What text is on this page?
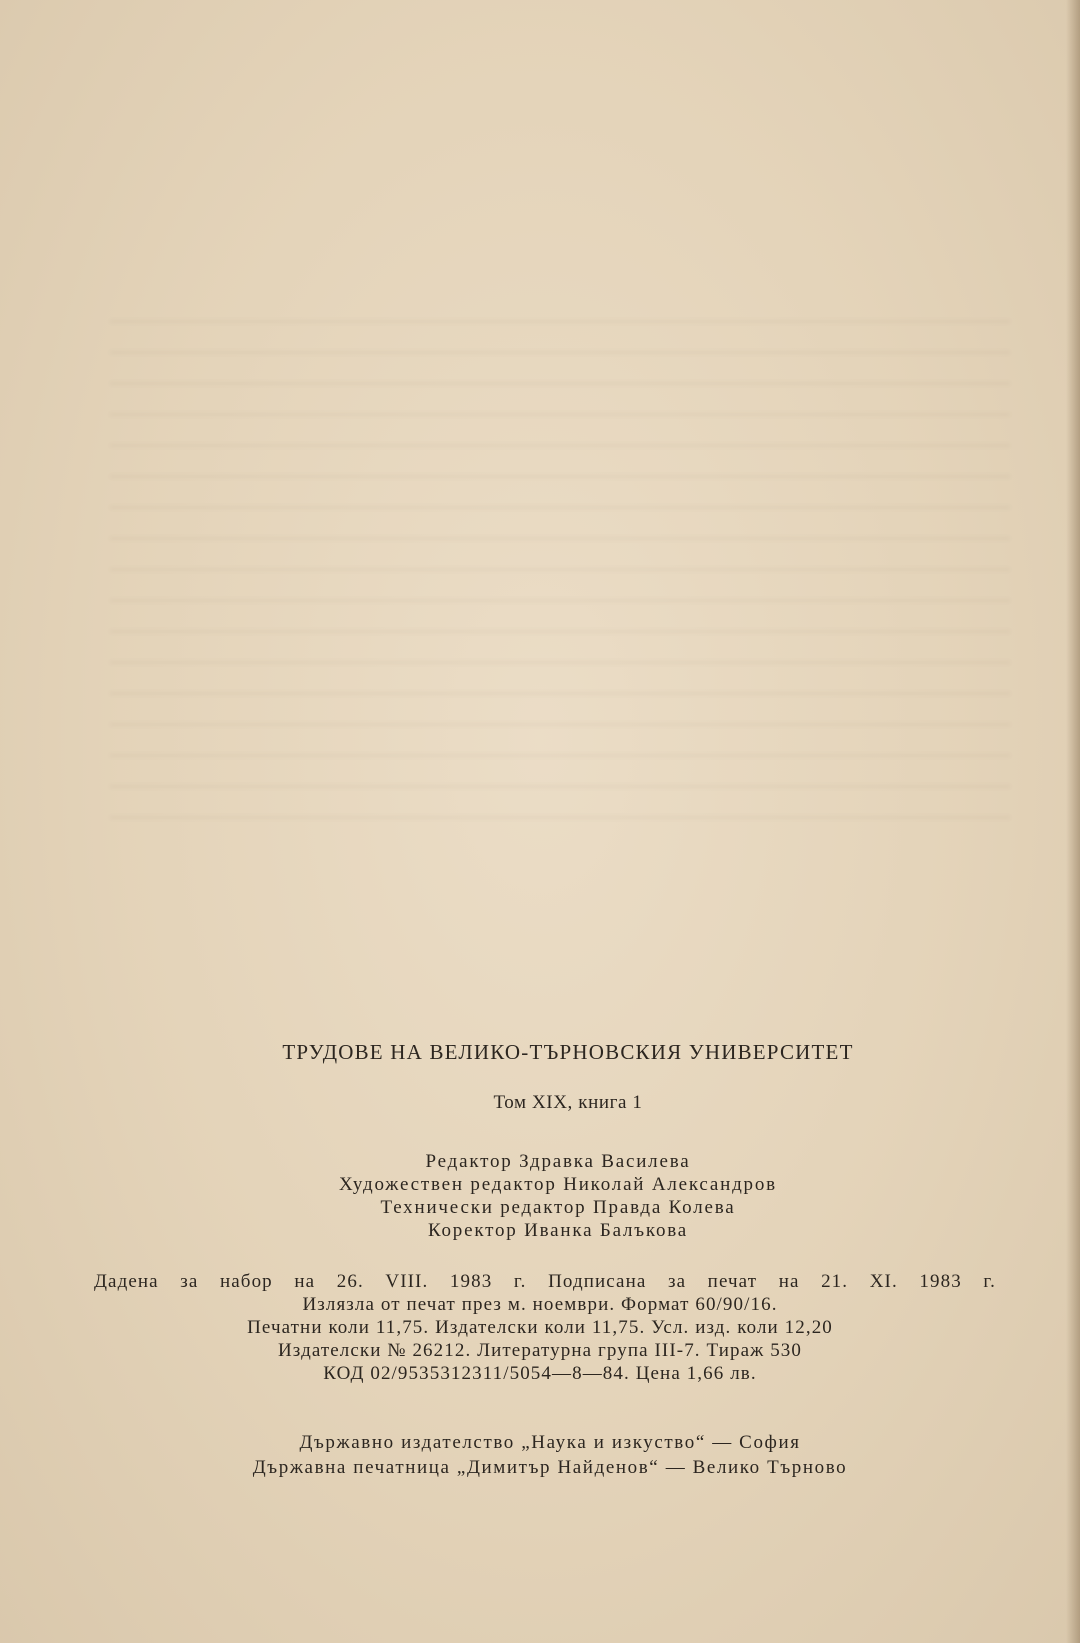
ТРУДОВЕ НА ВЕЛИКО-ТЪРНОВСКИЯ УНИВЕРСИТЕТ
Том XIX, книга 1
Редактор Здравка Василева
Художествен редактор Николай Александров
Технически редактор Правда Колева
Коректор Иванка Балъкова
Дадена за набор на 26. VIII. 1983 г. Подписана за печат на 21. XI. 1983 г.
Излязла от печат през м. ноември. Формат 60/90/16.
Печатни коли 11,75. Издателски коли 11,75. Усл. изд. коли 12,20
Издателски № 26212. Литературна група III-7. Тираж 530
КОД 02/9535312311/5054—8—84. Цена 1,66 лв.
Държавно издателство „Наука и изкуство“ — София
Държавна печатница „Димитър Найденов“ — Велико Търново
